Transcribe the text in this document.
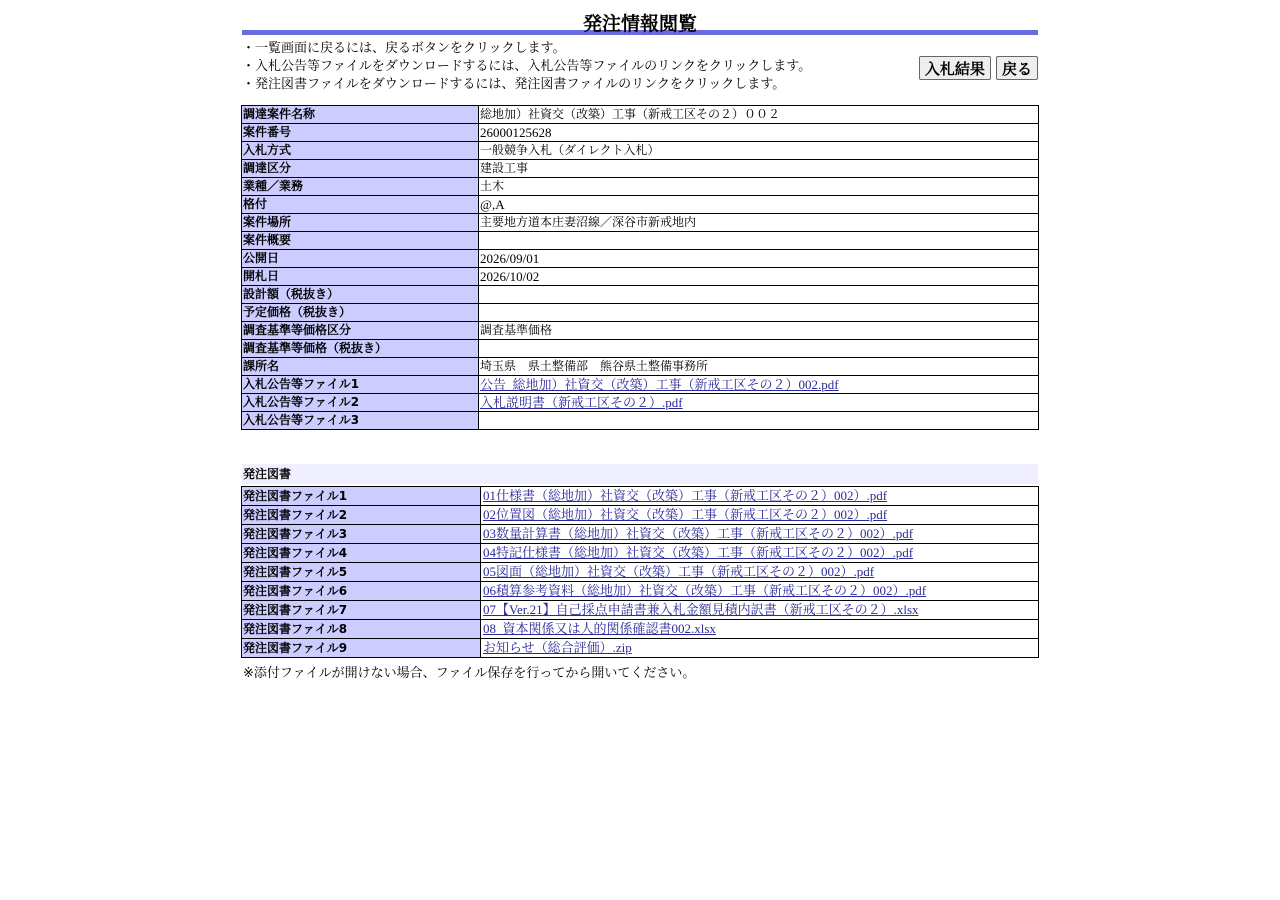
発注情報閲覧
・一覧画面に戻るには、戻るボタンをクリックします。
・入札公告等ファイルをダウンロードするには、入札公告等ファイルのリンクをクリックします。
・発注図書ファイルをダウンロードするには、発注図書ファイルのリンクをクリックします。
入札結果 戻る
調達案件名称	総地加）社資交（改築）工事（新戒工区その２）００２
案件番号	26000125628
入札方式	一般競争入札（ダイレクト入札）
調達区分	建設工事
業種／業務	土木
格付	@,A
案件場所	主要地方道本庄妻沼線／深谷市新戒地内
案件概要	
公開日	2026/09/01
開札日	2026/10/02
設計額（税抜き）	
予定価格（税抜き）	
調査基準等価格区分	調査基準価格
調査基準等価格（税抜き）	
課所名	埼玉県　県土整備部　熊谷県土整備事務所
入札公告等ファイル1	公告_総地加）社資交（改築）工事（新戒工区その２）002.pdf
入札公告等ファイル2	入札説明書（新戒工区その２）.pdf
入札公告等ファイル3	
発注図書
発注図書ファイル1	01仕様書（総地加）社資交（改築）工事（新戒工区その２）002）.pdf
発注図書ファイル2	02位置図（総地加）社資交（改築）工事（新戒工区その２）002）.pdf
発注図書ファイル3	03数量計算書（総地加）社資交（改築）工事（新戒工区その２）002）.pdf
発注図書ファイル4	04特記仕様書（総地加）社資交（改築）工事（新戒工区その２）002）.pdf
発注図書ファイル5	05図面（総地加）社資交（改築）工事（新戒工区その２）002）.pdf
発注図書ファイル6	06積算参考資料（総地加）社資交（改築）工事（新戒工区その２）002）.pdf
発注図書ファイル7	07【Ver.21】自己採点申請書兼入札金額見積内訳書（新戒工区その２）.xlsx
発注図書ファイル8	08_資本関係又は人的関係確認書002.xlsx
発注図書ファイル9	お知らせ（総合評価）.zip
※添付ファイルが開けない場合、ファイル保存を行ってから開いてください。
